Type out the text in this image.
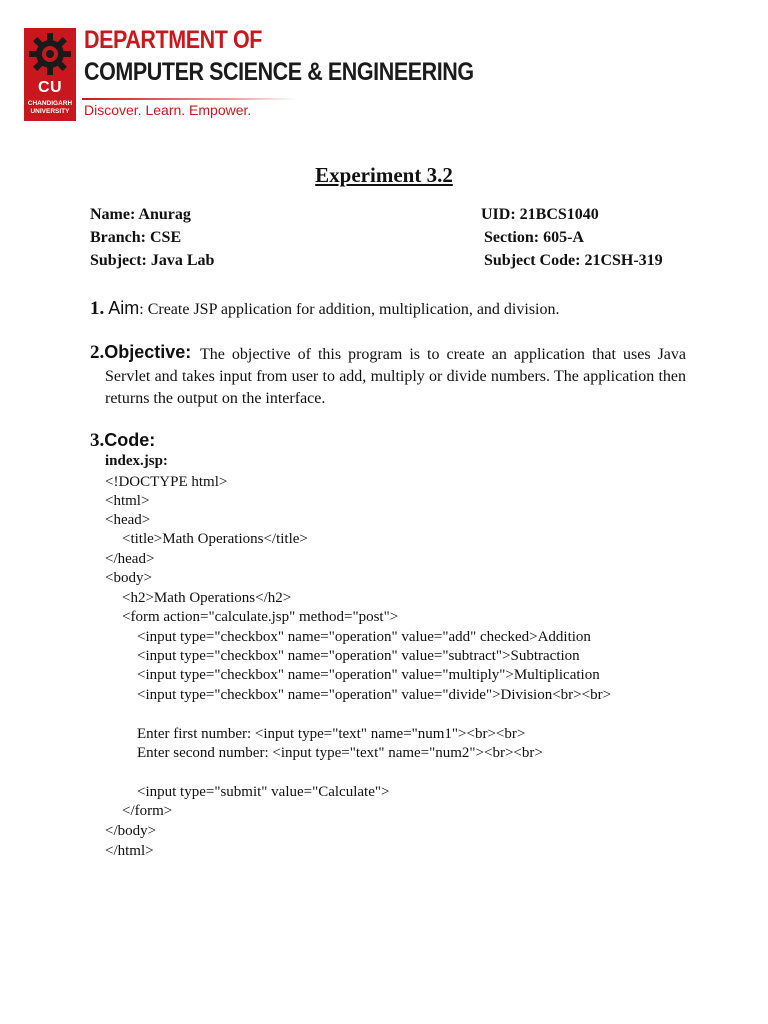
CU
CHANDIGARH
UNIVERSITY
DEPARTMENT OF
COMPUTER SCIENCE & ENGINEERING
Discover. Learn. Empower.
Experiment 3.2
Name: Anurag	UID: 21BCS1040
Branch: CSE	Section: 605-A
Subject: Java Lab	Subject Code: 21CSH-319
1. Aim: Create JSP application for addition, multiplication, and division.
2.Objective: The objective of this program is to create an application that uses Java Servlet and takes input from user to add, multiply or divide numbers. The application then returns the output on the interface.
3.Code:
index.jsp:
<!DOCTYPE html>
<html>
<head>
<title>Math Operations</title>
</head>
<body>
<h2>Math Operations</h2>
<form action="calculate.jsp" method="post">
<input type="checkbox" name="operation" value="add" checked>Addition
<input type="checkbox" name="operation" value="subtract">Subtraction
<input type="checkbox" name="operation" value="multiply">Multiplication
<input type="checkbox" name="operation" value="divide">Division<br><br>
Enter first number: <input type="text" name="num1"><br><br>
Enter second number: <input type="text" name="num2"><br><br>
<input type="submit" value="Calculate">
</form>
</body>
</html>
